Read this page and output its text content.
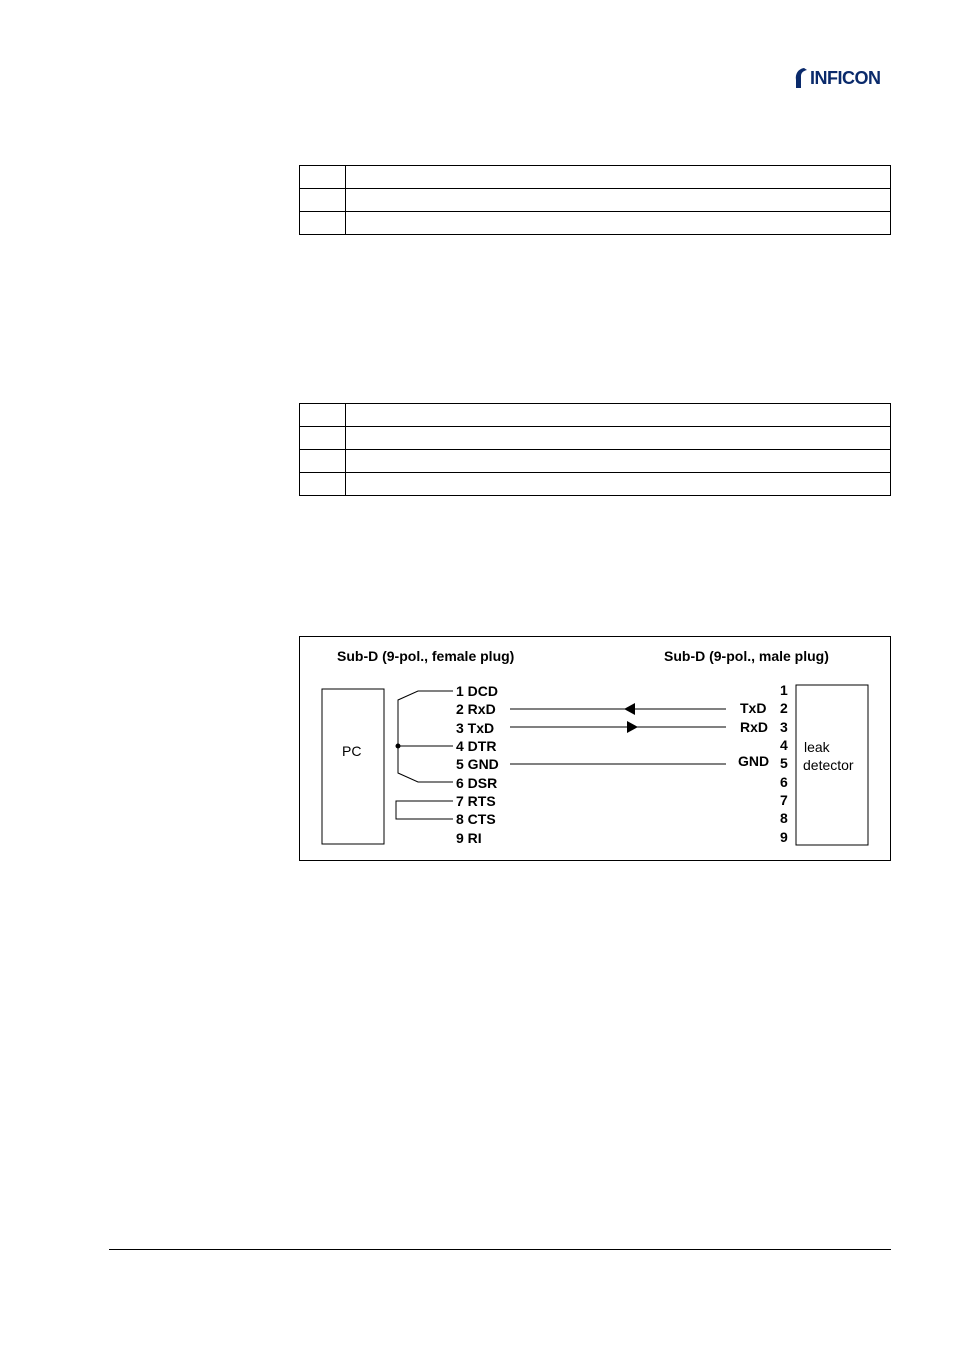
INFICON

Sub-D (9-pol., female plug)	Sub-D (9-pol., male plug)
PC	leak
detector
1 DCD
2 RxD
3 TxD
4 DTR
5 GND
6 DSR
7 RTS
8 CTS
9 RI
1
2
3
4
5
6
7
8
9
TxD
RxD
GND
